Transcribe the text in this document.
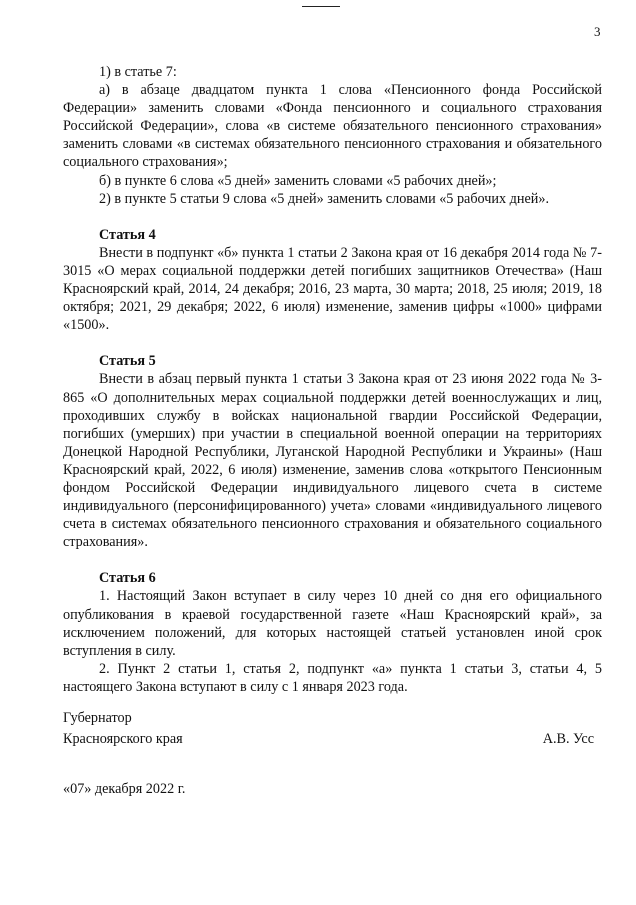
3

1) в статье 7:

а) в абзаце двадцатом пункта 1 слова «Пенсионного фонда Российской Федерации» заменить словами «Фонда пенсионного и социального страхования Российской Федерации», слова «в системе обязательного пенсионного страхования» заменить словами «в системах обязательного пенсионного страхования и обязательного социального страхования»;

б) в пункте 6 слова «5 дней» заменить словами «5 рабочих дней»;

2) в пункте 5 статьи 9 слова «5 дней» заменить словами «5 рабочих дней».

Статья 4

Внести в подпункт «б» пункта 1 статьи 2 Закона края от 16 декабря 2014 года № 7-3015 «О мерах социальной поддержки детей погибших защитников Отечества» (Наш Красноярский край, 2014, 24 декабря; 2016, 23 марта, 30 марта; 2018, 25 июля; 2019, 18 октября; 2021, 29 декабря; 2022, 6 июля) изменение, заменив цифры «1000» цифрами «1500».

Статья 5

Внести в абзац первый пункта 1 статьи 3 Закона края от 23 июня 2022 года № 3-865 «О дополнительных мерах социальной поддержки детей военнослужащих и лиц, проходивших службу в войсках национальной гвардии Российской Федерации, погибших (умерших) при участии в специальной военной операции на территориях Донецкой Народной Республики, Луганской Народной Республики и Украины» (Наш Красноярский край, 2022, 6 июля) изменение, заменив слова «открытого Пенсионным фондом Российской Федерации индивидуального лицевого счета в системе индивидуального (персонифицированного) учета» словами «индивидуального лицевого счета в системах обязательного пенсионного страхования и обязательного социального страхования».

Статья 6

1. Настоящий Закон вступает в силу через 10 дней со дня его официального опубликования в краевой государственной газете «Наш Красноярский край», за исключением положений, для которых настоящей статьей установлен иной срок вступления в силу.

2. Пункт 2 статьи 1, статья 2, подпункт «а» пункта 1 статьи 3, статьи 4, 5 настоящего Закона вступают в силу с 1 января 2023 года.

Губернатор
Красноярского края	А.В. Усс
«07» декабря 2022 г.
